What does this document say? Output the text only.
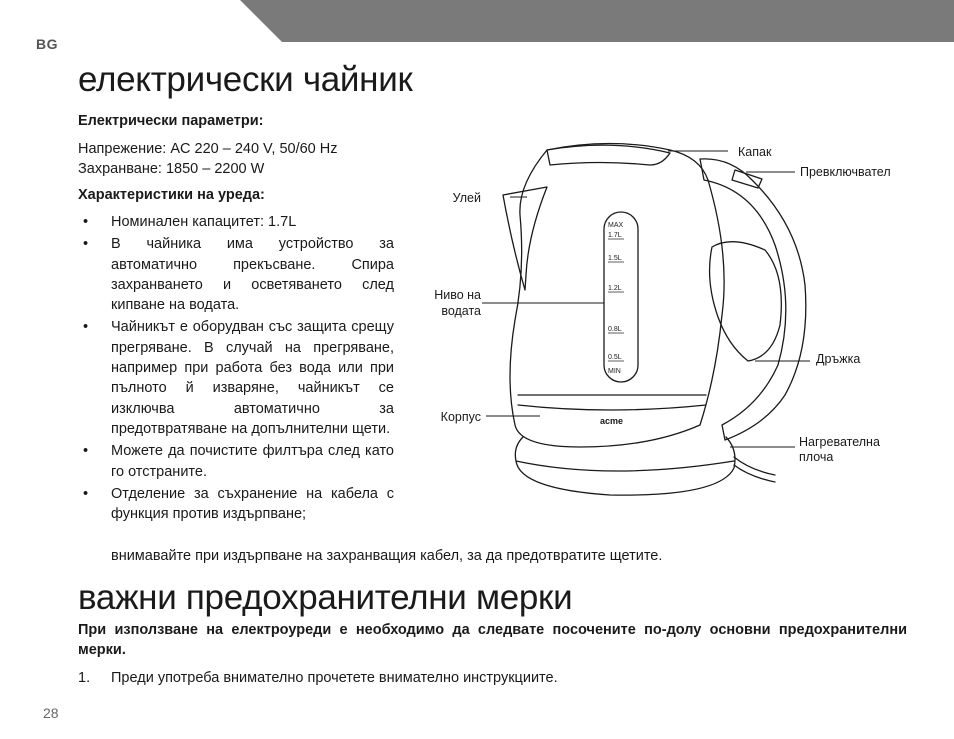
BG
електрически чайник

Електрически параметри:

Напрежение: AC 220 – 240 V, 50/60 Hz

Захранване: 1850 – 2200 W

Характеристики на уреда:

• Номинален капацитет: 1.7L
• В чайника има устройство за автоматично прекъсване. Спира захранването и осветяването след кипване на водата.
• Чайникът е оборудван със защита срещу прегряване. В случай на прегряване, например при работа без вода или при пълното й изваряне, чайникът се изключва автоматично за предотвратяване на допълнителни щети.
• Можете да почистите филтъра след като го отстраните.
• Отделение за съхранение на кабела с функция против издърпване;

внимавайте при издърпване на захранващия кабел, за да предотвратите щетите.

MAX
1.7L
1.5L
1.2L
0.8L
0.5L
MIN
acme
Капак
Превключвател
Улей
Ниво на
водата
Дръжка
Корпус
Нагревателна
плоча
важни предохранителни мерки

При използване на електроуреди е необходимо да следвате посочените по-долу основни предохранителни мерки.

1. Преди употреба внимателно прочетете внимателно инструкциите.

28
